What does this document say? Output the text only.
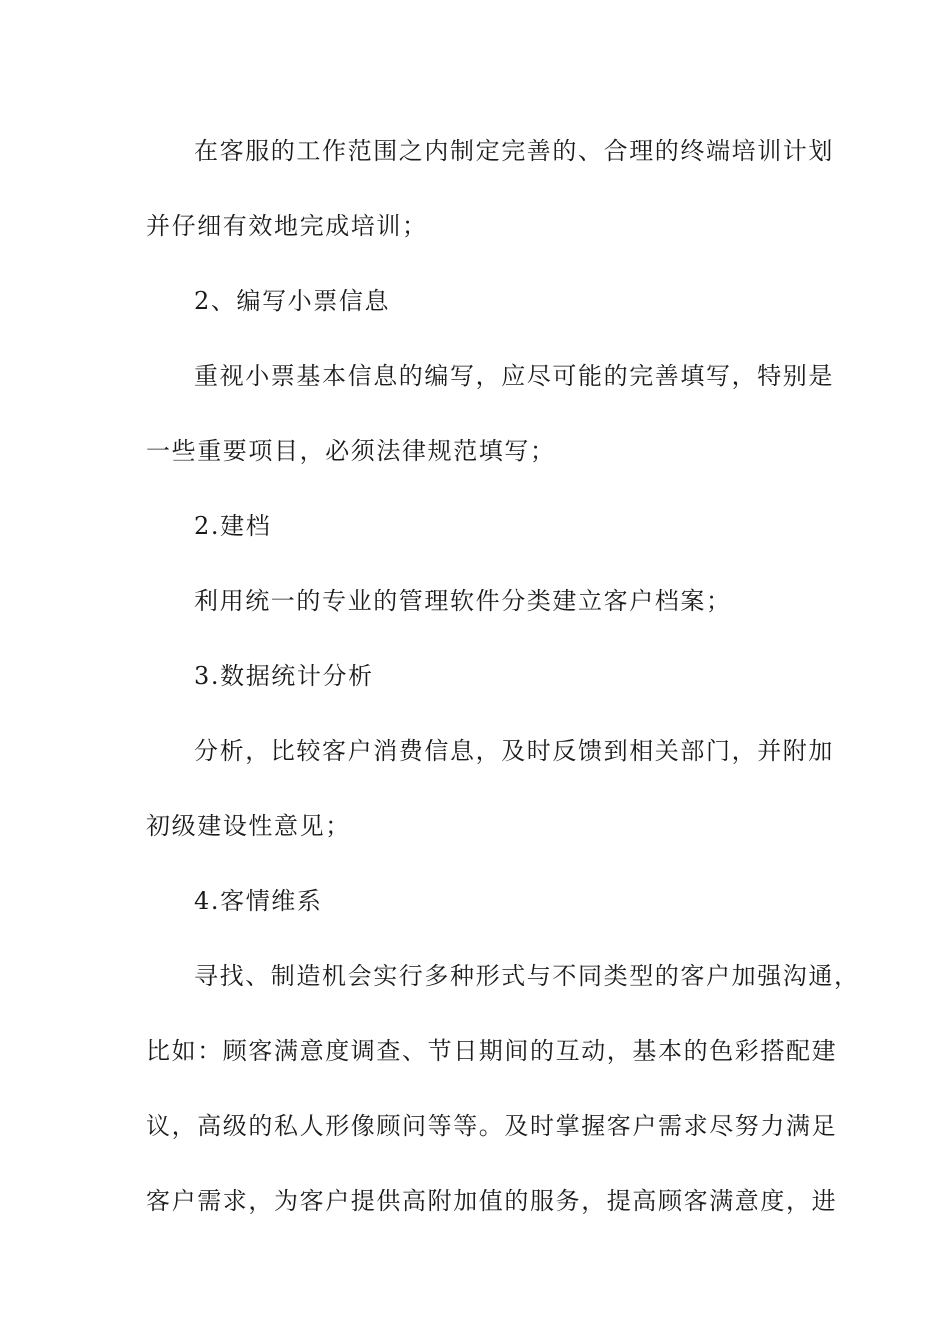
在客服的工作范围之内制定完善的、合理的终端培训计划
并仔细有效地完成培训；
2、编写小票信息
重视小票基本信息的编写，应尽可能的完善填写，特别是
一些重要项目，必须法律规范填写；
2.建档
利用统一的专业的管理软件分类建立客户档案；
3.数据统计分析
分析，比较客户消费信息，及时反馈到相关部门，并附加
初级建设性意见；
4.客情维系
寻找、制造机会实行多种形式与不同类型的客户加强沟通，
比如：顾客满意度调查、节日期间的互动，基本的色彩搭配建
议，高级的私人形像顾问等等。及时掌握客户需求尽努力满足
客户需求，为客户提供高附加值的服务，提高顾客满意度，进
